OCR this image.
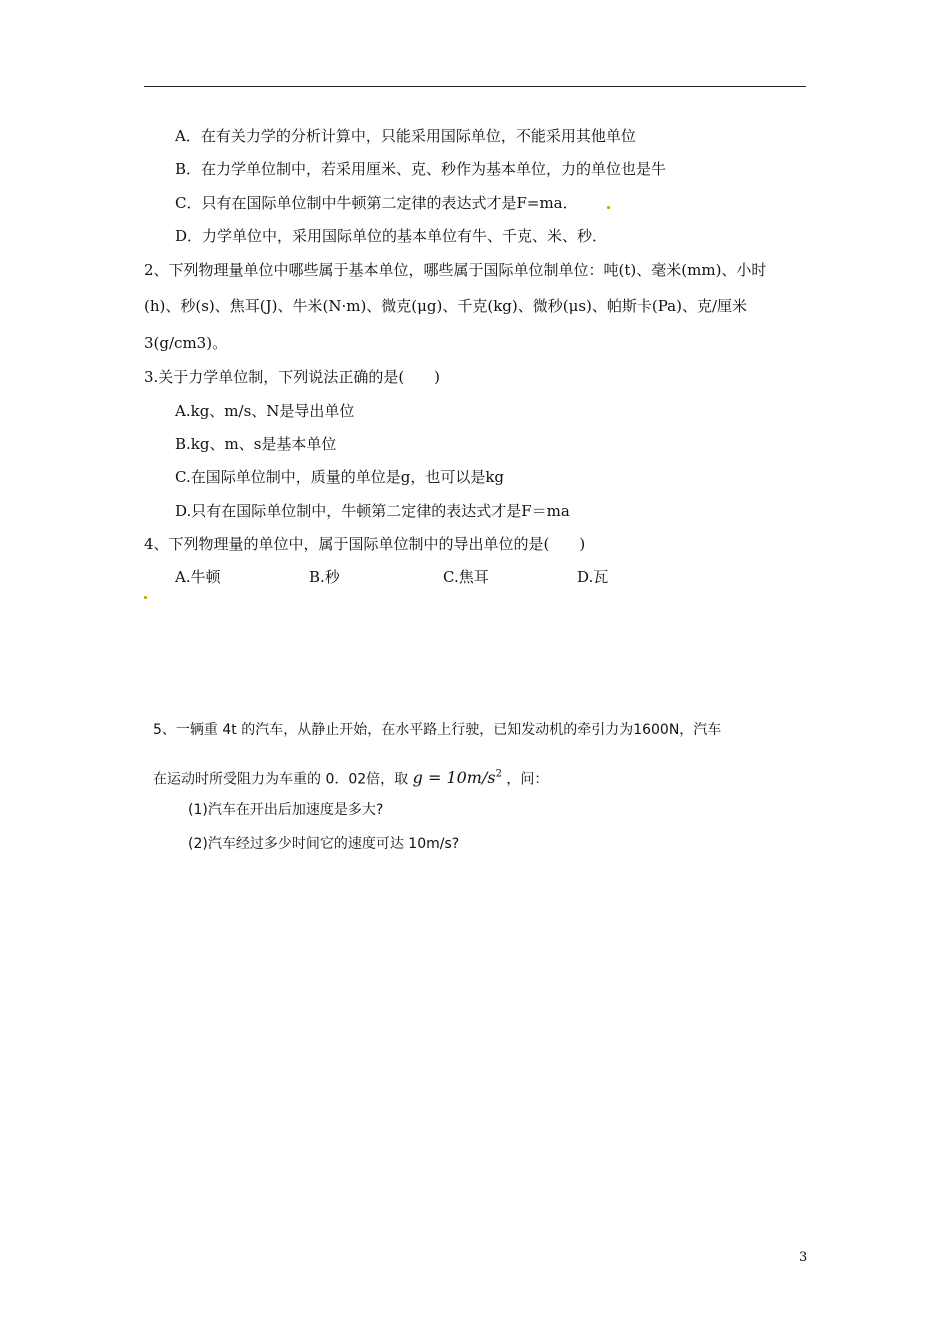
A．在有关力学的分析计算中，只能采用国际单位，不能采用其他单位
B．在力学单位制中，若采用厘米、克、秒作为基本单位，力的单位也是牛
C．只有在国际单位制中牛顿第二定律的表达式才是F=ma．
D．力学单位中，采用国际单位的基本单位有牛、千克、米、秒．
2、下列物理量单位中哪些属于基本单位，哪些属于国际单位制单位：吨(t)、毫米(mm)、小时
(h)、秒(s)、焦耳(J)、牛米(N·m)、微克(μg)、千克(kg)、微秒(μs)、帕斯卡(Pa)、克/厘米
3(g/cm3)。
3.关于力学单位制，下列说法正确的是(　　)
A.kg、m/s、N是导出单位
B.kg、m、s是基本单位
C.在国际单位制中，质量的单位是g，也可以是kg
D.只有在国际单位制中，牛顿第二定律的表达式才是F＝ma
4、下列物理量的单位中，属于国际单位制中的导出单位的是(　　)
A.牛顿	B.秒	C.焦耳	D.瓦
5、一辆重 4t 的汽车，从静止开始，在水平路上行驶，已知发动机的牵引力为1600N，汽车
在运动时所受阻力为车重的 0．02倍，取 $g = 10m/s^2$ ，问：
(1)汽车在开出后加速度是多大?
(2)汽车经过多少时间它的速度可达 10m/s?
3
